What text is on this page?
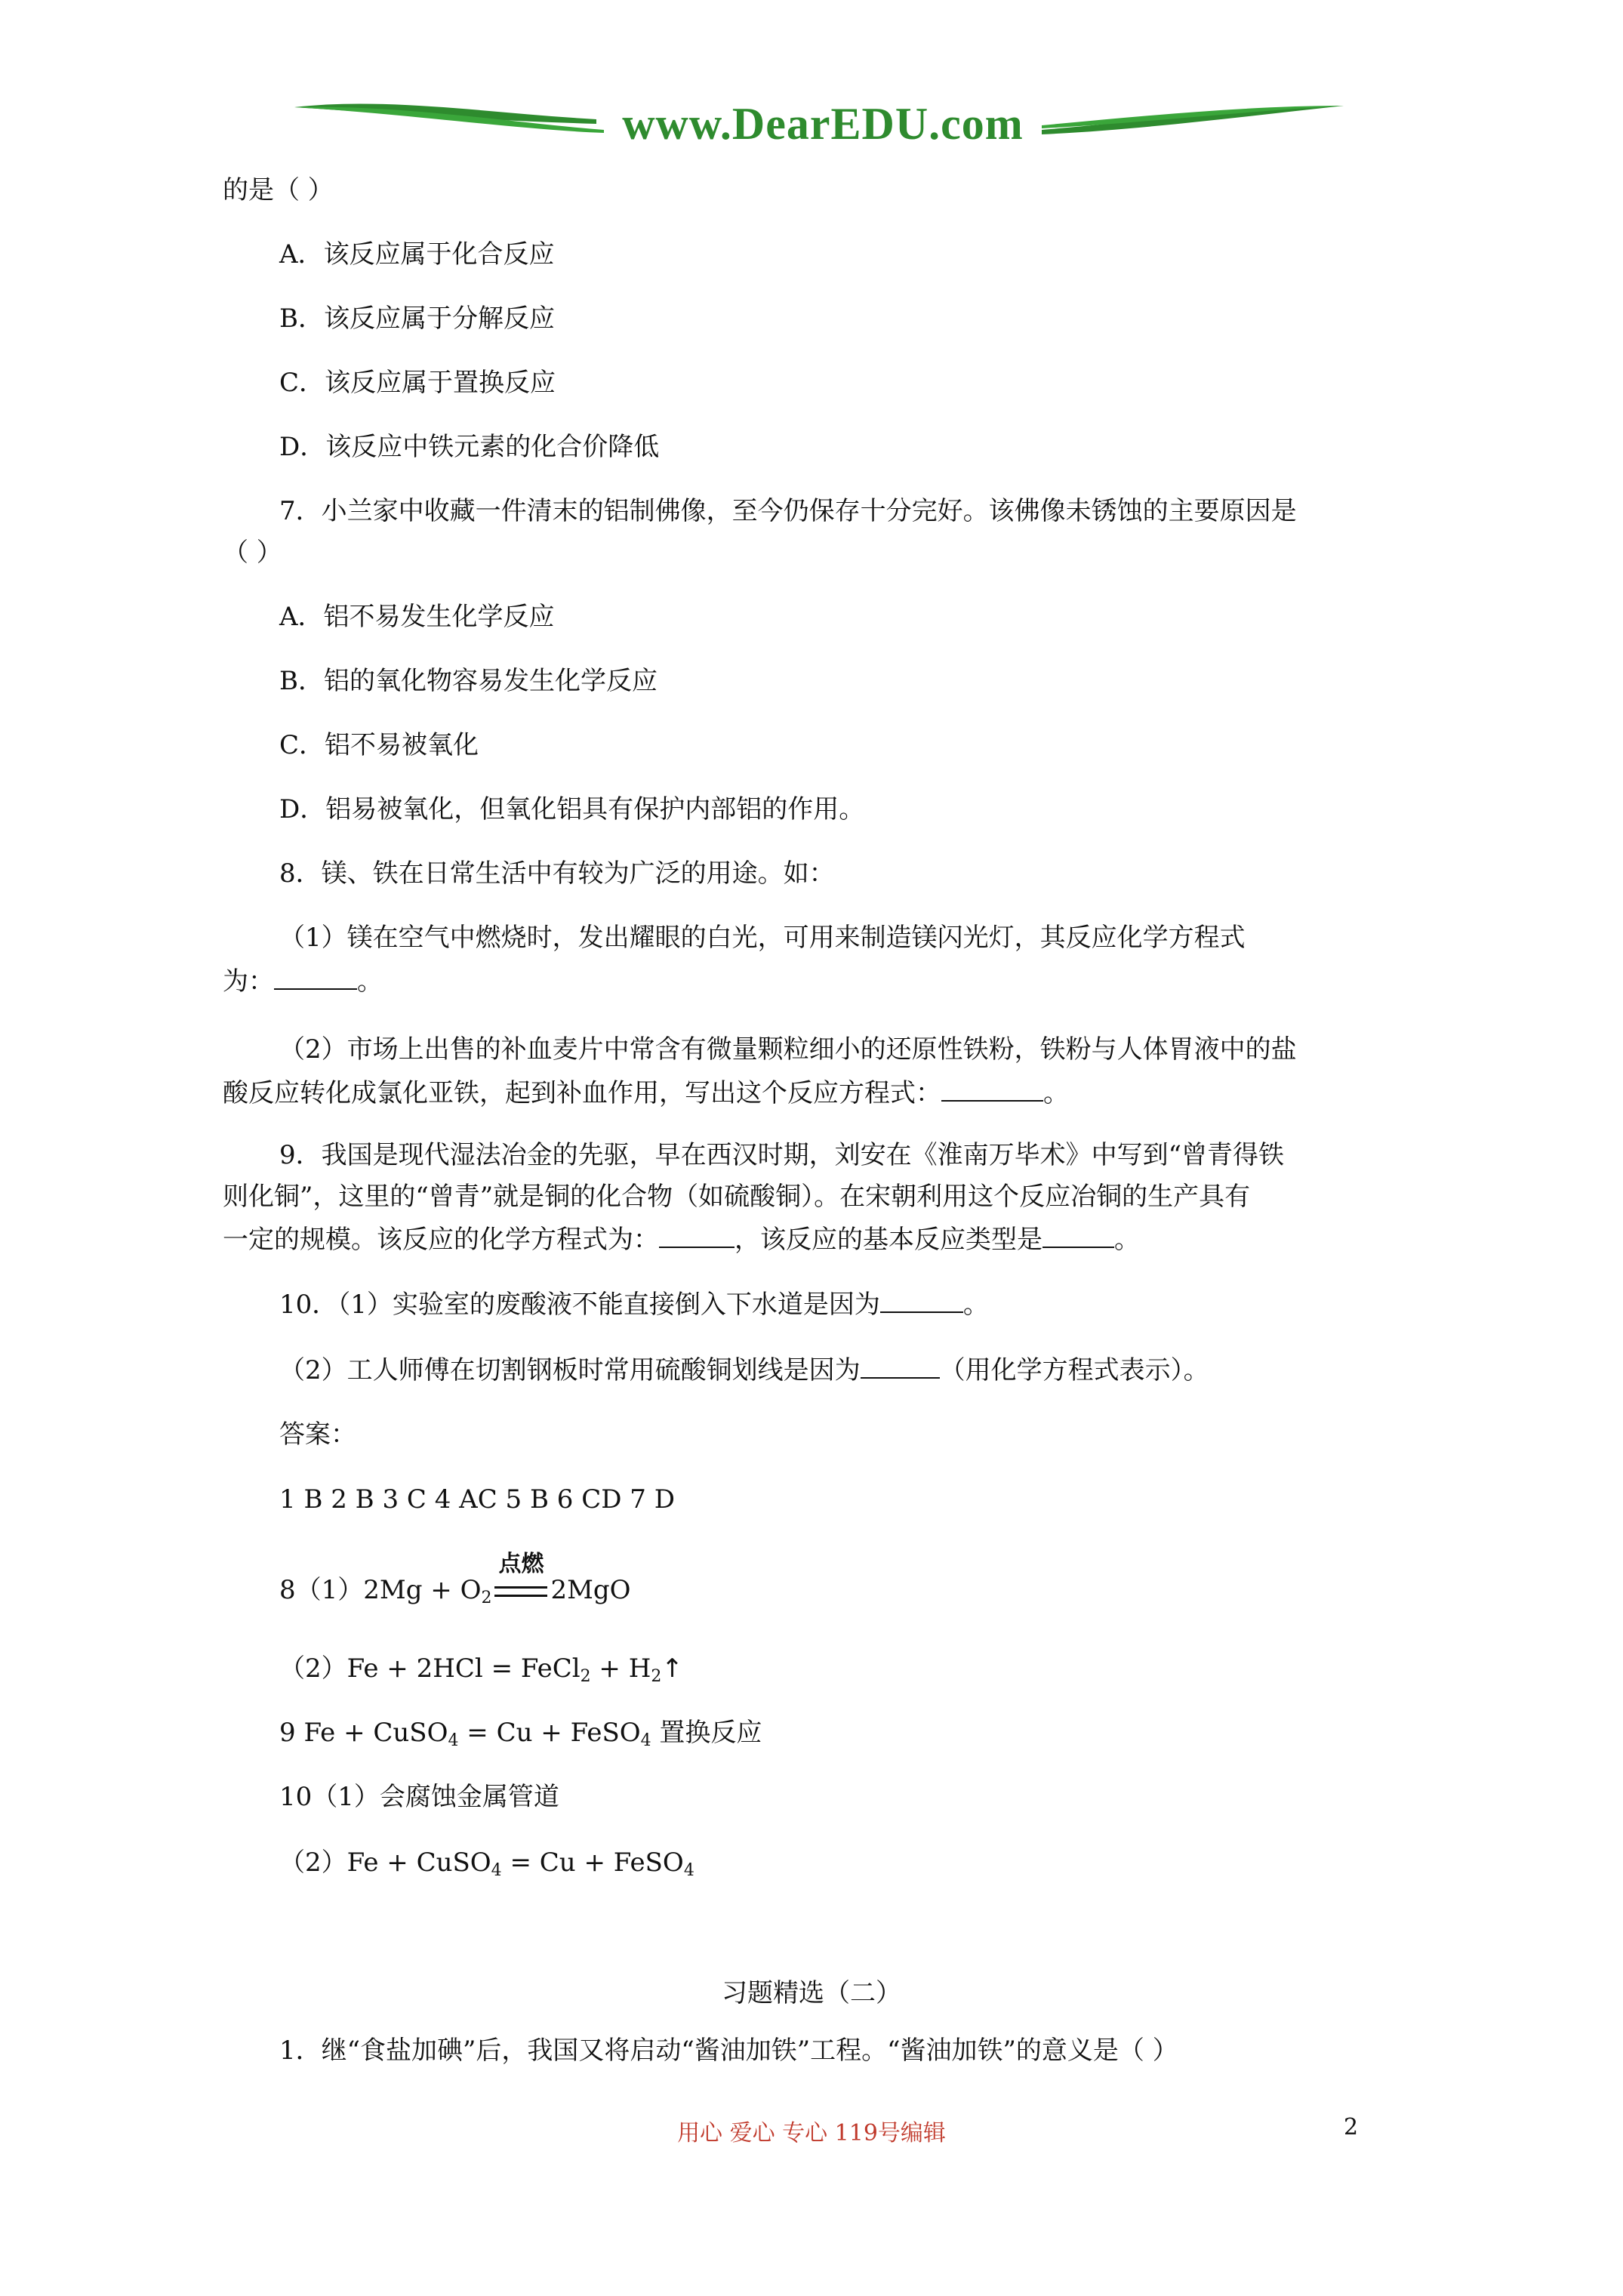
www.DearEDU.com
的是（ ）
A．该反应属于化合反应
B．该反应属于分解反应
C．该反应属于置换反应
D．该反应中铁元素的化合价降低
7．小兰家中收藏一件清末的铝制佛像，至今仍保存十分完好。该佛像未锈蚀的主要原因是
（ ）
A．铝不易发生化学反应
B．铝的氧化物容易发生化学反应
C．铝不易被氧化
D．铝易被氧化，但氧化铝具有保护内部铝的作用。
8．镁、铁在日常生活中有较为广泛的用途。如：
（1）镁在空气中燃烧时，发出耀眼的白光，可用来制造镁闪光灯，其反应化学方程式
为：	。
（2）市场上出售的补血麦片中常含有微量颗粒细小的还原性铁粉，铁粉与人体胃液中的盐
酸反应转化成氯化亚铁，起到补血作用，写出这个反应方程式：	。
9．我国是现代湿法冶金的先驱，早在西汉时期，刘安在《淮南万毕术》中写到“曾青得铁
则化铜”，这里的“曾青”就是铜的化合物（如硫酸铜）。在宋朝利用这个反应冶铜的生产具有
一定的规模。该反应的化学方程式为：	，该反应的基本反应类型是	。
10．（1）实验室的废酸液不能直接倒入下水道是因为	。
（2）工人师傅在切割钢板时常用硫酸铜划线是因为	（用化学方程式表示）。
答案：
1 B 2 B 3 C 4 AC 5 B 6 CD 7 D
$8(1)2Mg + O_2$
点燃
2MgO
（2）Fe + 2HCl = FeCl$_2$ + $H_2↑$
9 Fe + CuSO$_4$ = Cu + FeSO$_4$ 置换反应
10（1）会腐蚀金属管道
（2）Fe + CuSO$_4$ = Cu + FeSO$_4$
习题精选（二）
1．继“食盐加碘”后，我国又将启动“酱油加铁”工程。“酱油加铁”的意义是（ ）
用心 爱心 专心 119号编辑	2
